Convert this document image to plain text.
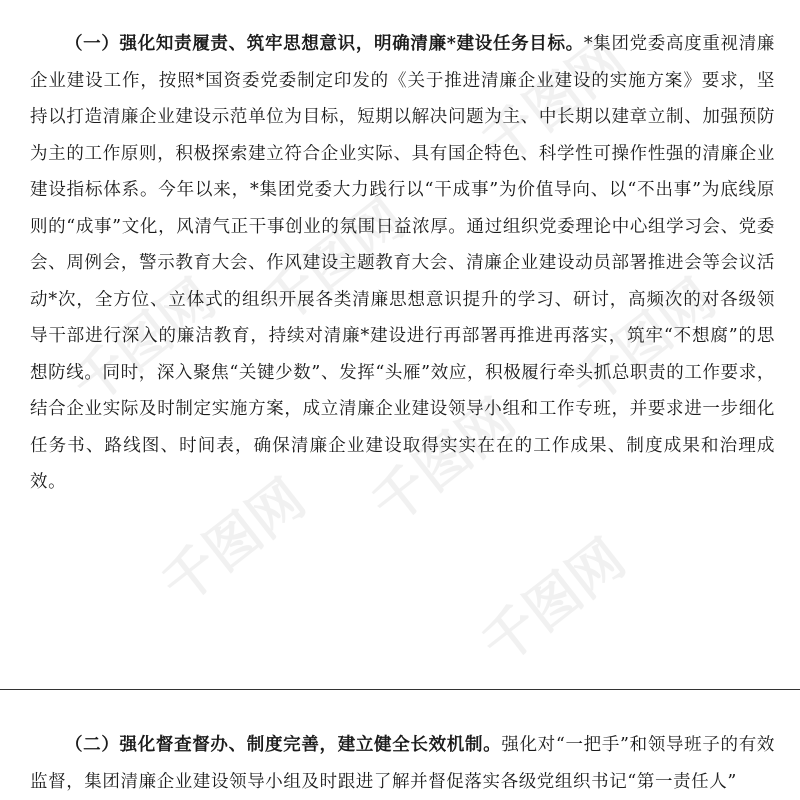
千图网
千图网
千图网
千图网
千图网
千图网
千图网

（一）强化知责履责、筑牢思想意识，明确清廉*建设任务目标。*集团党委高度重视清廉企业建设工作，按照*国资委党委制定印发的《关于推进清廉企业建设的实施方案》要求，坚持以打造清廉企业建设示范单位为目标，短期以解决问题为主、中长期以建章立制、加强预防为主的工作原则，积极探索建立符合企业实际、具有国企特色、科学性可操作性强的清廉企业建设指标体系。今年以来，*集团党委大力践行以“干成事”为价值导向、以“不出事”为底线原则的“成事”文化，风清气正干事创业的氛围日益浓厚。通过组织党委理论中心组学习会、党委会、周例会，警示教育大会、作风建设主题教育大会、清廉企业建设动员部署推进会等会议活动*次，全方位、立体式的组织开展各类清廉思想意识提升的学习、研讨，高频次的对各级领导干部进行深入的廉洁教育，持续对清廉*建设进行再部署再推进再落实，筑牢“不想腐”的思想防线。同时，深入聚焦“关键少数”、发挥“头雁”效应，积极履行牵头抓总职责的工作要求，结合企业实际及时制定实施方案，成立清廉企业建设领导小组和工作专班，并要求进一步细化任务书、路线图、时间表，确保清廉企业建设取得实实在在的工作成果、制度成果和治理成效。

（二）强化督查督办、制度完善，建立健全长效机制。强化对“一把手”和领导班子的有效监督，集团清廉企业建设领导小组及时跟进了解并督促落实各级党组织书记“第一责任人”
